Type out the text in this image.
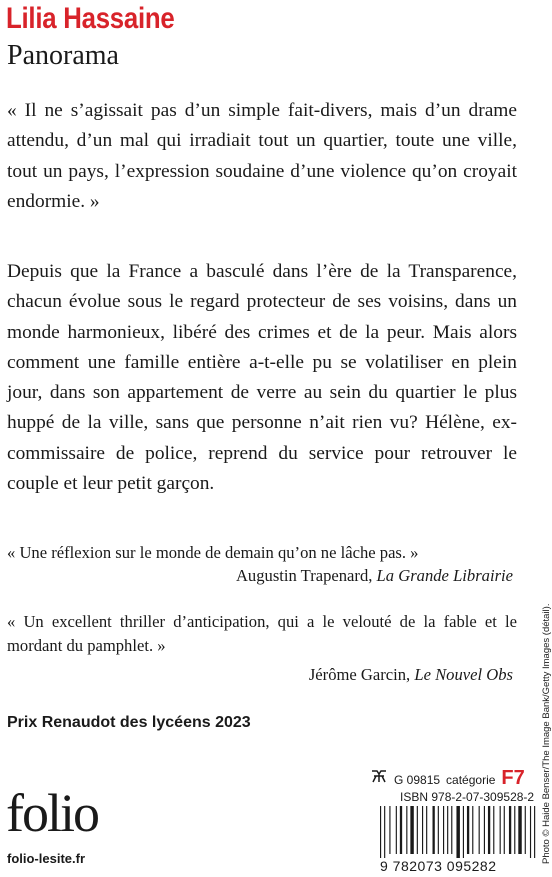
Lilia Hassaine
Panorama

« Il ne s’agissait pas d’un simple fait-divers, mais d’un drame attendu, d’un mal qui irradiait tout un quartier, toute une ville, tout un pays, l’expression soudaine d’une violence qu’on croyait endormie. »

Depuis que la France a basculé dans l’ère de la Transparence, chacun évolue sous le regard protecteur de ses voisins, dans un monde harmonieux, libéré des crimes et de la peur. Mais alors comment une famille entière a-t-elle pu se volatiliser en plein jour, dans son appartement de verre au sein du quartier le plus huppé de la ville, sans que personne n’ait rien vu? Hélène, ex-commissaire de police, reprend du service pour retrouver le couple et leur petit garçon.

« Une réflexion sur le monde de demain qu’on ne lâche pas. »

Augustin Trapenard, La Grande Librairie

« Un excellent thriller d’anticipation, qui a le velouté de la fable et le mordant du pamphlet. »

Jérôme Garcin, Le Nouvel Obs

Prix Renaudot des lycéens 2023

folio

folio-lesite.fr

G 09815 catégorie F7

ISBN 978-2-07-309528-2

9 782073 095282

Photo © Haide Benser/The Image Bank/Getty Images (détail).
